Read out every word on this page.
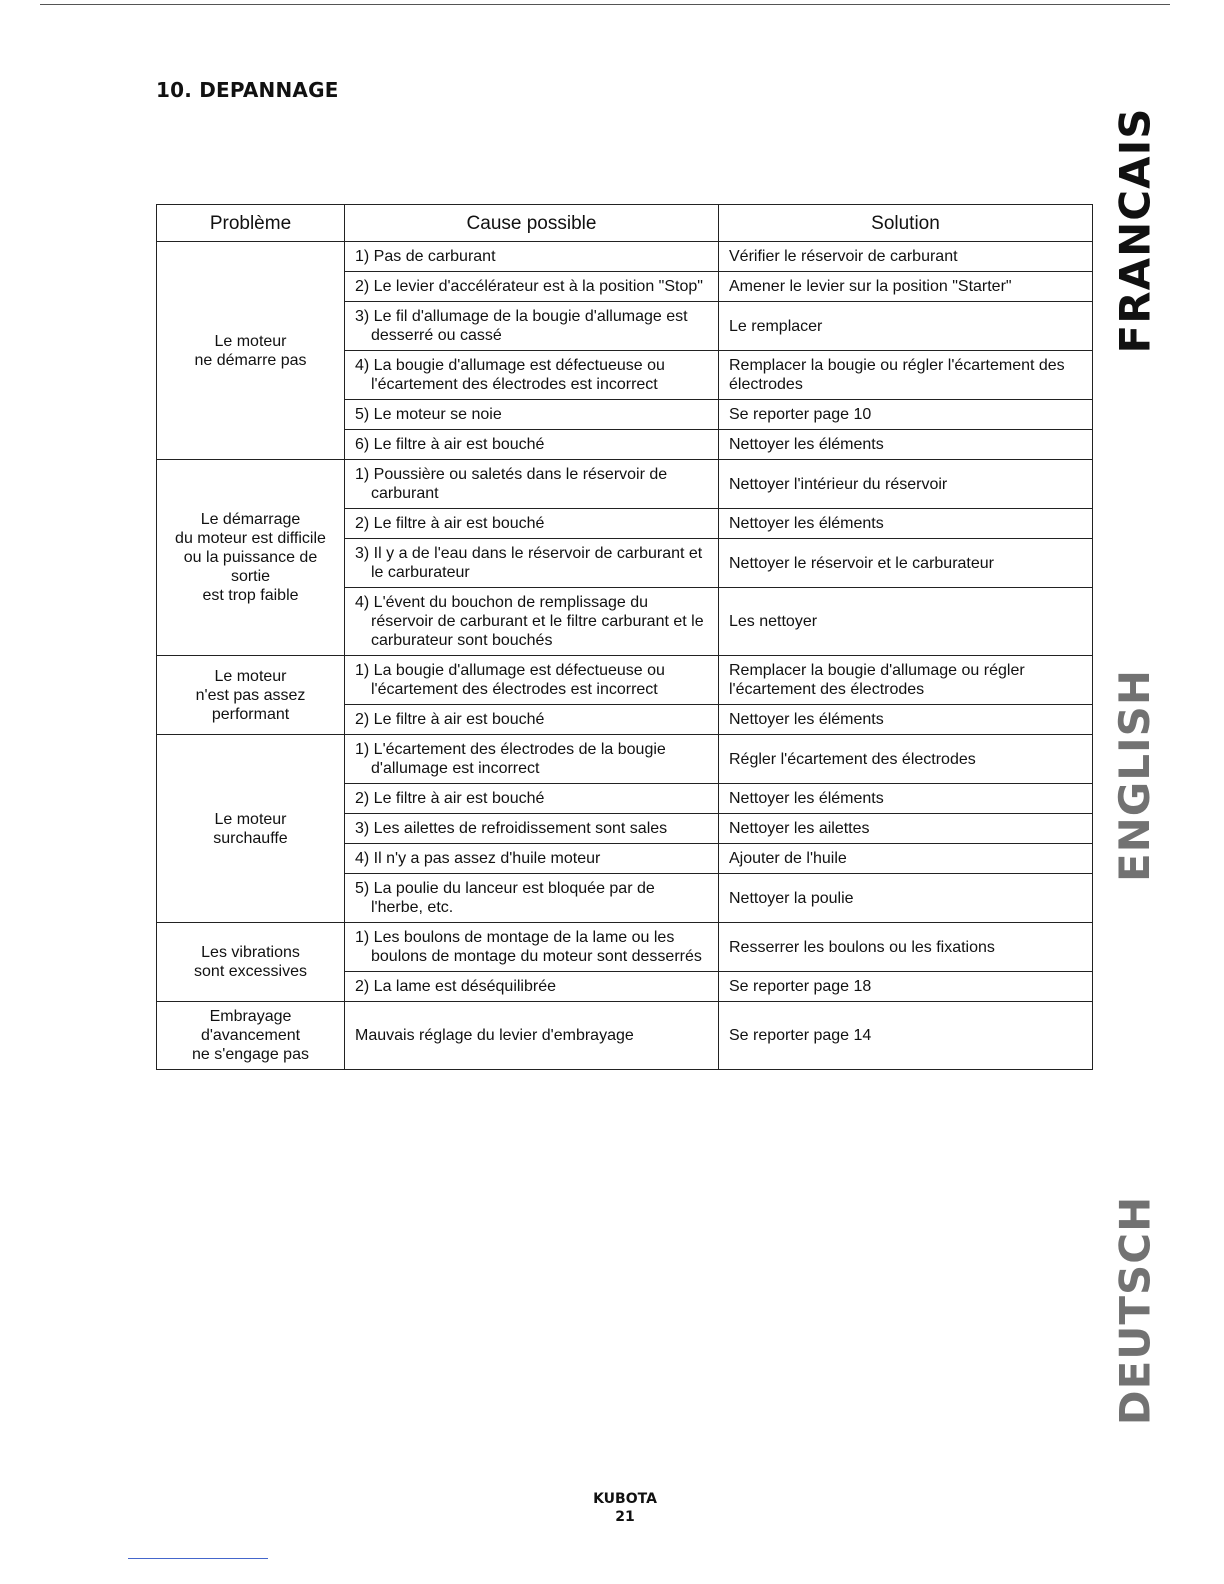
10. DEPANNAGE
FRANCAIS
ENGLISH
DEUTSCH
Problème	Cause possible	Solution
Le moteur
ne démarre pas	1) Pas de carburant	Vérifier le réservoir de carburant
	2) Le levier d'accélérateur est à la position "Stop"	Amener le levier sur la position "Starter"
	3) Le fil d'allumage de la bougie d'allumage est desserré ou cassé	Le remplacer
	4) La bougie d'allumage est défectueuse ou l'écartement des électrodes est incorrect	Remplacer la bougie ou régler l'écartement des électrodes
	5) Le moteur se noie	Se reporter page 10
	6) Le filtre à air est bouché	Nettoyer les éléments
Le démarrage
du moteur est difficile
ou la puissance de sortie
est trop faible	1) Poussière ou saletés dans le réservoir de carburant	Nettoyer l'intérieur du réservoir
	2) Le filtre à air est bouché	Nettoyer les éléments
	3) Il y a de l'eau dans le réservoir de carburant et le carburateur	Nettoyer le réservoir et le carburateur
	4) L'évent du bouchon de remplissage du réservoir de carburant et le filtre carburant et le carburateur sont bouchés	Les nettoyer
Le moteur
n'est pas assez
performant	1) La bougie d'allumage est défectueuse ou l'écartement des électrodes est incorrect	Remplacer la bougie d'allumage ou régler l'écartement des électrodes
	2) Le filtre à air est bouché	Nettoyer les éléments
Le moteur
surchauffe	1) L'écartement des électrodes de la bougie d'allumage est incorrect	Régler l'écartement des électrodes
	2) Le filtre à air est bouché	Nettoyer les éléments
	3) Les ailettes de refroidissement sont sales	Nettoyer les ailettes
	4) Il n'y a pas assez d'huile moteur	Ajouter de l'huile
	5) La poulie du lanceur est bloquée par de l'herbe, etc.	Nettoyer la poulie
Les vibrations
sont excessives	1) Les boulons de montage de la lame ou les boulons de montage du moteur sont desserrés	Resserrer les boulons ou les fixations
	2) La lame est déséquilibrée	Se reporter page 18
Embrayage d'avancement
ne s'engage pas	Mauvais réglage du levier d'embrayage	Se reporter page 14
KUBOTA
21
